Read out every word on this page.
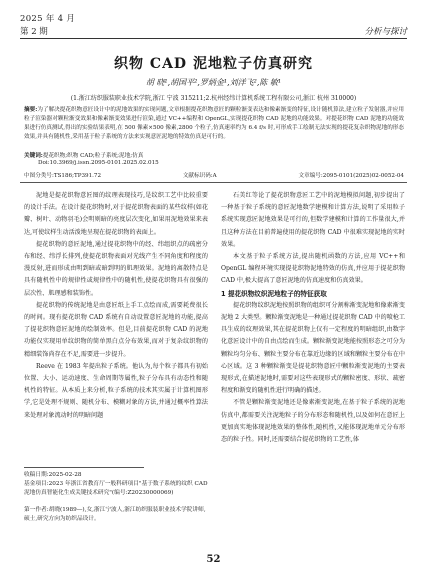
2025 年 4 月
第 2 期	分析与探讨
织物 CAD 泥地粒子仿真研究
胡 晓¹,胡国平²,罗炳金¹,刘洋飞²,陈 敏¹
(1.浙江纺织服装职业技术学院,浙江 宁波 315211;2.杭州经纬计算机系统工程有限公司,浙江 杭州 310000)
摘要:为了解决提花织物意匠设计中的泥地效果的实现问题,文章根据提花织物意匠的颗粒渐变表达和像素渐变的特征,设计随机算法,建立粒子发射器,并应用粒子渲染器对颗粒渐变效果和像素渐变效果进行渲染,通过 VC++编程和 OpenGL,实现提花织物 CAD 泥地的功能效果。对提花织物 CAD 泥地的功能效果进行仿真测试,得出的实验结果表明,在 500 像素×500 像素,2800 个粒子,仿真速率约为 6.4 f/s 时,可形成手工绘制无法实现的提花复杂织物泥地的形态效果,并具有随机性,采用基于粒子系统的方法来实现意匠泥地的特效仿真是可行的。
关键词:提花织物;织物 CAD;粒子系统;泥地;仿真
Doi:10.3969/j.issn.2095-0101.2025.02.015
中图分类号:TS186;TP391.72	文献标识码:A	文章编号:2095-0101(2025)02-0052-04

泥地是提花织物意匠图的纹理表现技巧,是纹织工艺中比较重要的设计手法。在设计提花织物时,对于提花织物表面的某些纹样(如花瓣、树叶、动物羽毛)会明则暗的亮度层次变化,如果用泥地效果来表达,可使纹样生动活泼地呈现在提花织物的表面上。

提花织物的意匠泥地,通过提花织物中的经、纬组织点的疏密分布和经、纬浮长排列,使提花织物表面对光线产生不同角度和程度的漫反射,进而形成由明到暗或暗到明的肌理效果。泥地的离散特点是具有随机性中的规律性或规律性中的随机性,使提花织物具有很强的层次性、肌理感和装饰性。

提花织物的传统泥地是由意匠纸上手工点绘而成,需要耗费很长的时间。现有提花织物 CAD 系统有自动设置意匠泥地的功能,提高了提花织物意匠泥地的绘制效率。但是,目前提花织物 CAD 的泥地功能仅实现用单纹织物的简单黑白点分布效果,而对于复杂纹织物的精细装饰尚存在不足,需要进一步提升。

Reeve 在 1983 年提出粒子系统。他认为,每个粒子都具有初始位置、大小、运动速度、生命周期等属性,粒子分布具有动态性和随机性的特征。从本质上来分析,粒子系统的技术其实属于计算机图形学,它是处理不规则、随机分布、模糊对象的方法,并通过概率性算法来处理对象流动时的明暗问题

石美红等论了提花织物意匠工艺中的泥地模拟问题,初步提出了一种基于粒子系统的意匠泥地数学建模和计算方法,说明了采用粒子系统实现意匠泥地效果是可行的,但数学建模和计算的工作量很大,并且这种方法在目前普遍使用的提花织物 CAD 中很难实现泥地的实时效果。

本文基于粒子系统方法,提出随机函数的方法,应用 VC++和 OpenGL 编程环境实现提花织物泥地特效的仿真,并应用于提花织物 CAD 中,极大提高了意匠泥地的仿真速度和仿真效果。

1 提花织物纹织泥地粒子的特征获取

提花织物纹织泥地按照织物的组织可分割称渐变泥地和像素渐变泥地 2 大类型。颗粒渐变泥地是一种通过提花织物 CAD 中的喷枪工具生成的纹理效果,其在提花织物上仅有一定程度的明暗组织,由数字化意匠设计中的自由点绘而生成。颗粒渐变泥地能按照形态之可分为颗粒均匀分布、颗粒主要分布在靠近边缘的区域和颗粒主要分布在中心区域。这 3 种颗粒渐变是提花织物意匠中颗粒渐变泥地的主要表现形式,在描述泥地时,需要对这些表现形式的颗粒密度、形状、疏密程度和渐变的随机性进行明确的描述。

不管是颗粒渐变泥地还是像素渐变泥地,在基于粒子系统的泥地仿真中,都需要关注泥地粒子的分布形态和随机性,以及如何在意匠上更加真实地体现泥地效果的整体性,随机性,又能体现泥地单元分布形态的粒子性。同时,还需要结合提花织物的工艺性,体

收稿日期:2025-02-28
基金项目:2023 年浙江省教育厅一般科研项目"基于数子系统的纹织 CAD 泥地仿真智能化生成关键技术研究"(编号:Z20230000069)
第一作者:胡晓(1989—),女,浙江宁波人,浙江纺织服装职业技术学院讲师,硕士,研究方向为纺织品设计。
52
